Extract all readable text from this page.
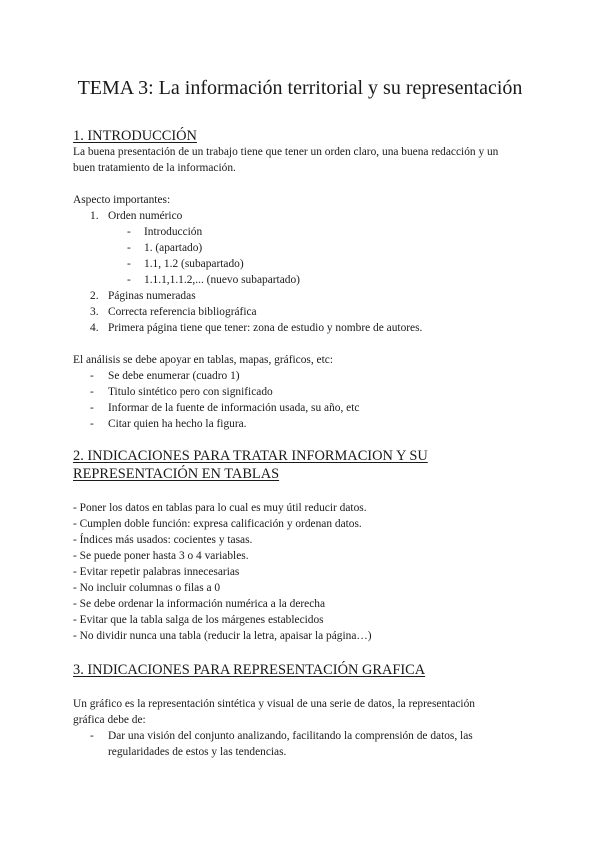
TEMA 3: La información territorial y su representación
1. INTRODUCCIÓN
La buena presentación de un trabajo tiene que tener un orden claro, una buena redacción y un
buen tratamiento de la información.
Aspecto importantes:
1. Orden numérico
- Introducción
- 1. (apartado)
- 1.1, 1.2 (subapartado)
- 1.1.1,1.1.2,... (nuevo subapartado)
2. Páginas numeradas
3. Correcta referencia bibliográfica
4. Primera página tiene que tener: zona de estudio y nombre de autores.
El análisis se debe apoyar en tablas, mapas, gráficos, etc:
- Se debe enumerar (cuadro 1)
- Titulo sintético pero con significado
- Informar de la fuente de información usada, su año, etc
- Citar quien ha hecho la figura.
2. INDICACIONES PARA TRATAR INFORMACION Y SU
REPRESENTACIÓN EN TABLAS
- Poner los datos en tablas para lo cual es muy útil reducir datos.
- Cumplen doble función: expresa calificación y ordenan datos.
- Índices más usados: cocientes y tasas.
- Se puede poner hasta 3 o 4 variables.
- Evitar repetir palabras innecesarias
- No incluir columnas o filas a 0
- Se debe ordenar la información numérica a la derecha
- Evitar que la tabla salga de los márgenes establecidos
- No dividir nunca una tabla (reducir la letra, apaisar la página…)
3. INDICACIONES PARA REPRESENTACIÓN GRAFICA
Un gráfico es la representación sintética y visual de una serie de datos, la representación
gráfica debe de:
- Dar una visión del conjunto analizando, facilitando la comprensión de datos, las
regularidades de estos y las tendencias.
